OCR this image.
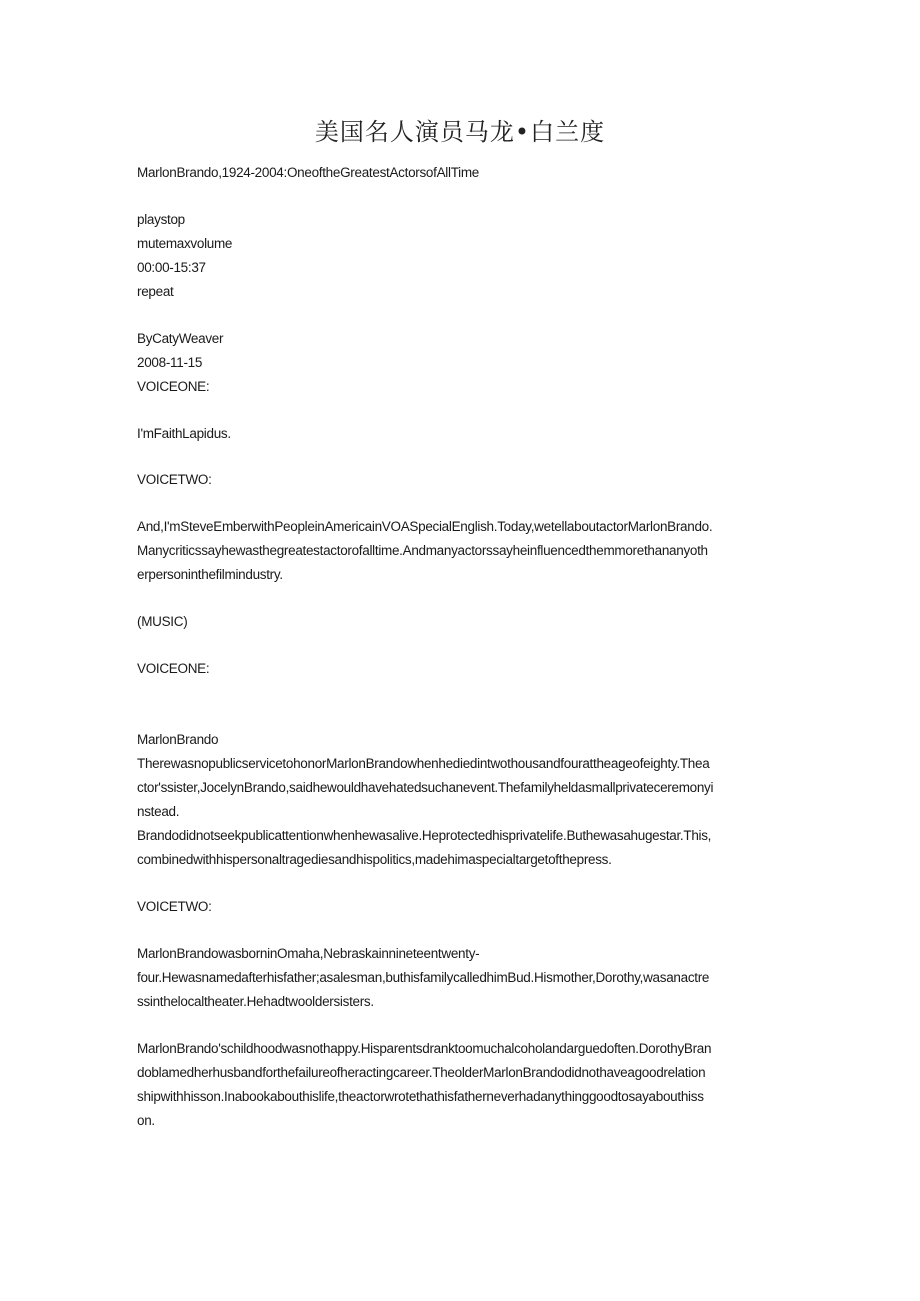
美国名人演员马龙•白兰度
MarlonBrando,1924-2004:OneoftheGreatestActorsofAllTime
playstop
mutemaxvolume
00:00-15:37
repeat
ByCatyWeaver
2008-11-15
VOICEONE:
I'mFaithLapidus.
VOICETWO:
And,I'mSteveEmberwithPeopleinAmericainVOASpecialEnglish.Today,wetellaboutactorMarlonBrando.
Manycriticssayhewasthegreatestactorofalltime.Andmanyactorssayheinfluencedthemmorethananyoth
erpersoninthefilmindustry.
(MUSIC)
VOICEONE:
MarlonBrando
TherewasnopublicservicetohonorMarlonBrandowhenhediedintwothousandfourattheageofeighty.Thea
ctor'ssister,JocelynBrando,saidhewouldhavehatedsuchanevent.Thefamilyheldasmallprivateceremonyi
nstead.
Brandodidnotseekpublicattentionwhenhewasalive.Heprotectedhisprivatelife.Buthewasahugestar.This,
combinedwithhispersonaltragediesandhispolitics,madehimaspecialtargetofthepress.
VOICETWO:
MarlonBrandowasborninOmaha,Nebraskainnineteentwenty-
four.Hewasnamedafterhisfather;asalesman,buthisfamilycalledhimBud.Hismother,Dorothy,wasanactre
ssinthelocaltheater.Hehadtwooldersisters.
MarlonBrando'schildhoodwasnothappy.Hisparentsdranktoomuchalcoholandarguedoften.DorothyBran
doblamedherhusbandforthefailureofheractingcareer.TheolderMarlonBrandodidnothaveagoodrelation
shipwithhisson.Inabookabouthislife,theactorwrotethathisfatherneverhadanythinggoodtosayabouthiss
on.
